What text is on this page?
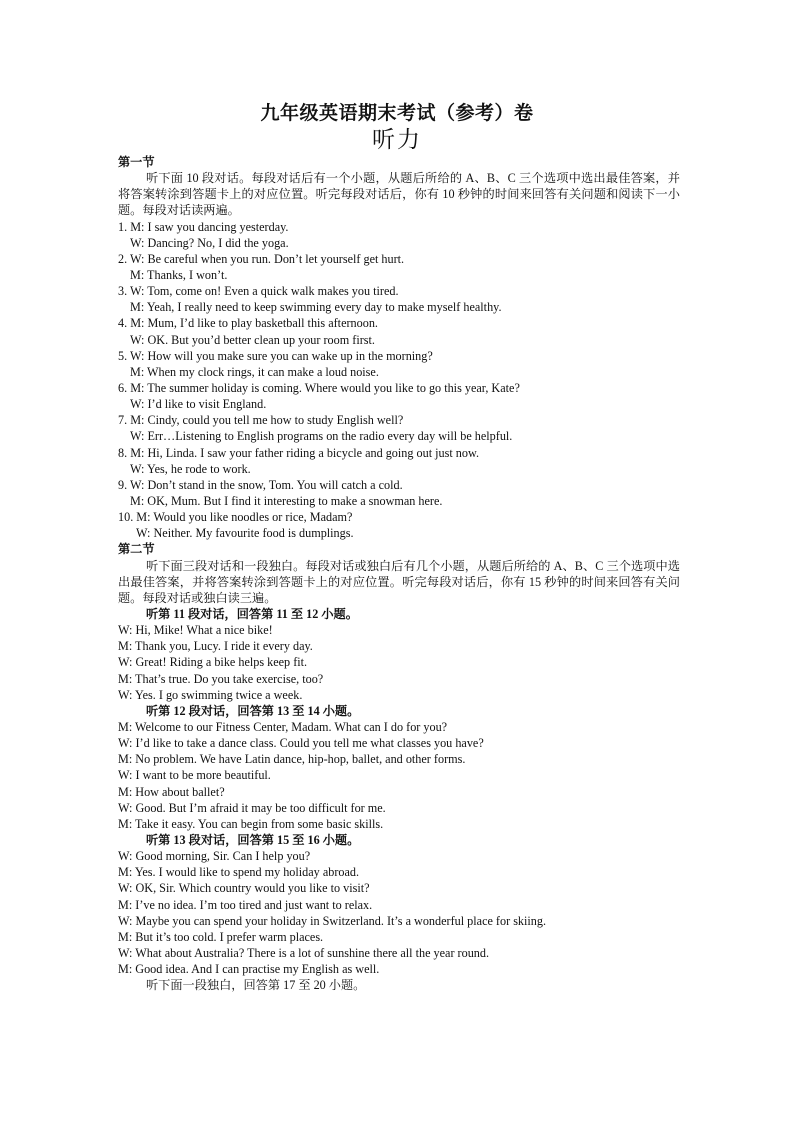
九年级英语期末考试（参考）卷
听力
第一节
听下面 10 段对话。每段对话后有一个小题，从题后所给的 A、B、C 三个选项中选出最佳答案，并将答案转涂到答题卡上的对应位置。听完每段对话后，你有 10 秒钟的时间来回答有关问题和阅读下一小题。每段对话读两遍。
1. M: I saw you dancing yesterday.
W: Dancing? No, I did the yoga.
2. W: Be careful when you run. Don’t let yourself get hurt.
M: Thanks, I won’t.
3. W: Tom, come on! Even a quick walk makes you tired.
M: Yeah, I really need to keep swimming every day to make myself healthy.
4. M: Mum, I’d like to play basketball this afternoon.
W: OK. But you’d better clean up your room first.
5. W: How will you make sure you can wake up in the morning?
M: When my clock rings, it can make a loud noise.
6. M: The summer holiday is coming. Where would you like to go this year, Kate?
W: I’d like to visit England.
7. M: Cindy, could you tell me how to study English well?
W: Err…Listening to English programs on the radio every day will be helpful.
8. M: Hi, Linda. I saw your father riding a bicycle and going out just now.
W: Yes, he rode to work.
9. W: Don’t stand in the snow, Tom. You will catch a cold.
M: OK, Mum. But I find it interesting to make a snowman here.
10. M: Would you like noodles or rice, Madam?
W: Neither. My favourite food is dumplings.
第二节
听下面三段对话和一段独白。每段对话或独白后有几个小题，从题后所给的 A、B、C 三个选项中选出最佳答案，并将答案转涂到答题卡上的对应位置。听完每段对话后，你有 15 秒钟的时间来回答有关问题。每段对话或独白读三遍。
听第 11 段对话，回答第 11 至 12 小题。
W: Hi, Mike! What a nice bike!
M: Thank you, Lucy. I ride it every day.
W: Great! Riding a bike helps keep fit.
M: That’s true. Do you take exercise, too?
W: Yes. I go swimming twice a week.
听第 12 段对话，回答第 13 至 14 小题。
M: Welcome to our Fitness Center, Madam. What can I do for you?
W: I’d like to take a dance class. Could you tell me what classes you have?
M: No problem. We have Latin dance, hip-hop, ballet, and other forms.
W: I want to be more beautiful.
M: How about ballet?
W: Good. But I’m afraid it may be too difficult for me.
M: Take it easy. You can begin from some basic skills.
听第 13 段对话，回答第 15 至 16 小题。
W: Good morning, Sir. Can I help you?
M: Yes. I would like to spend my holiday abroad.
W: OK, Sir. Which country would you like to visit?
M: I’ve no idea. I’m too tired and just want to relax.
W: Maybe you can spend your holiday in Switzerland. It’s a wonderful place for skiing.
M: But it’s too cold. I prefer warm places.
W: What about Australia? There is a lot of sunshine there all the year round.
M: Good idea. And I can practise my English as well.
听下面一段独白，回答第 17 至 20 小题。
